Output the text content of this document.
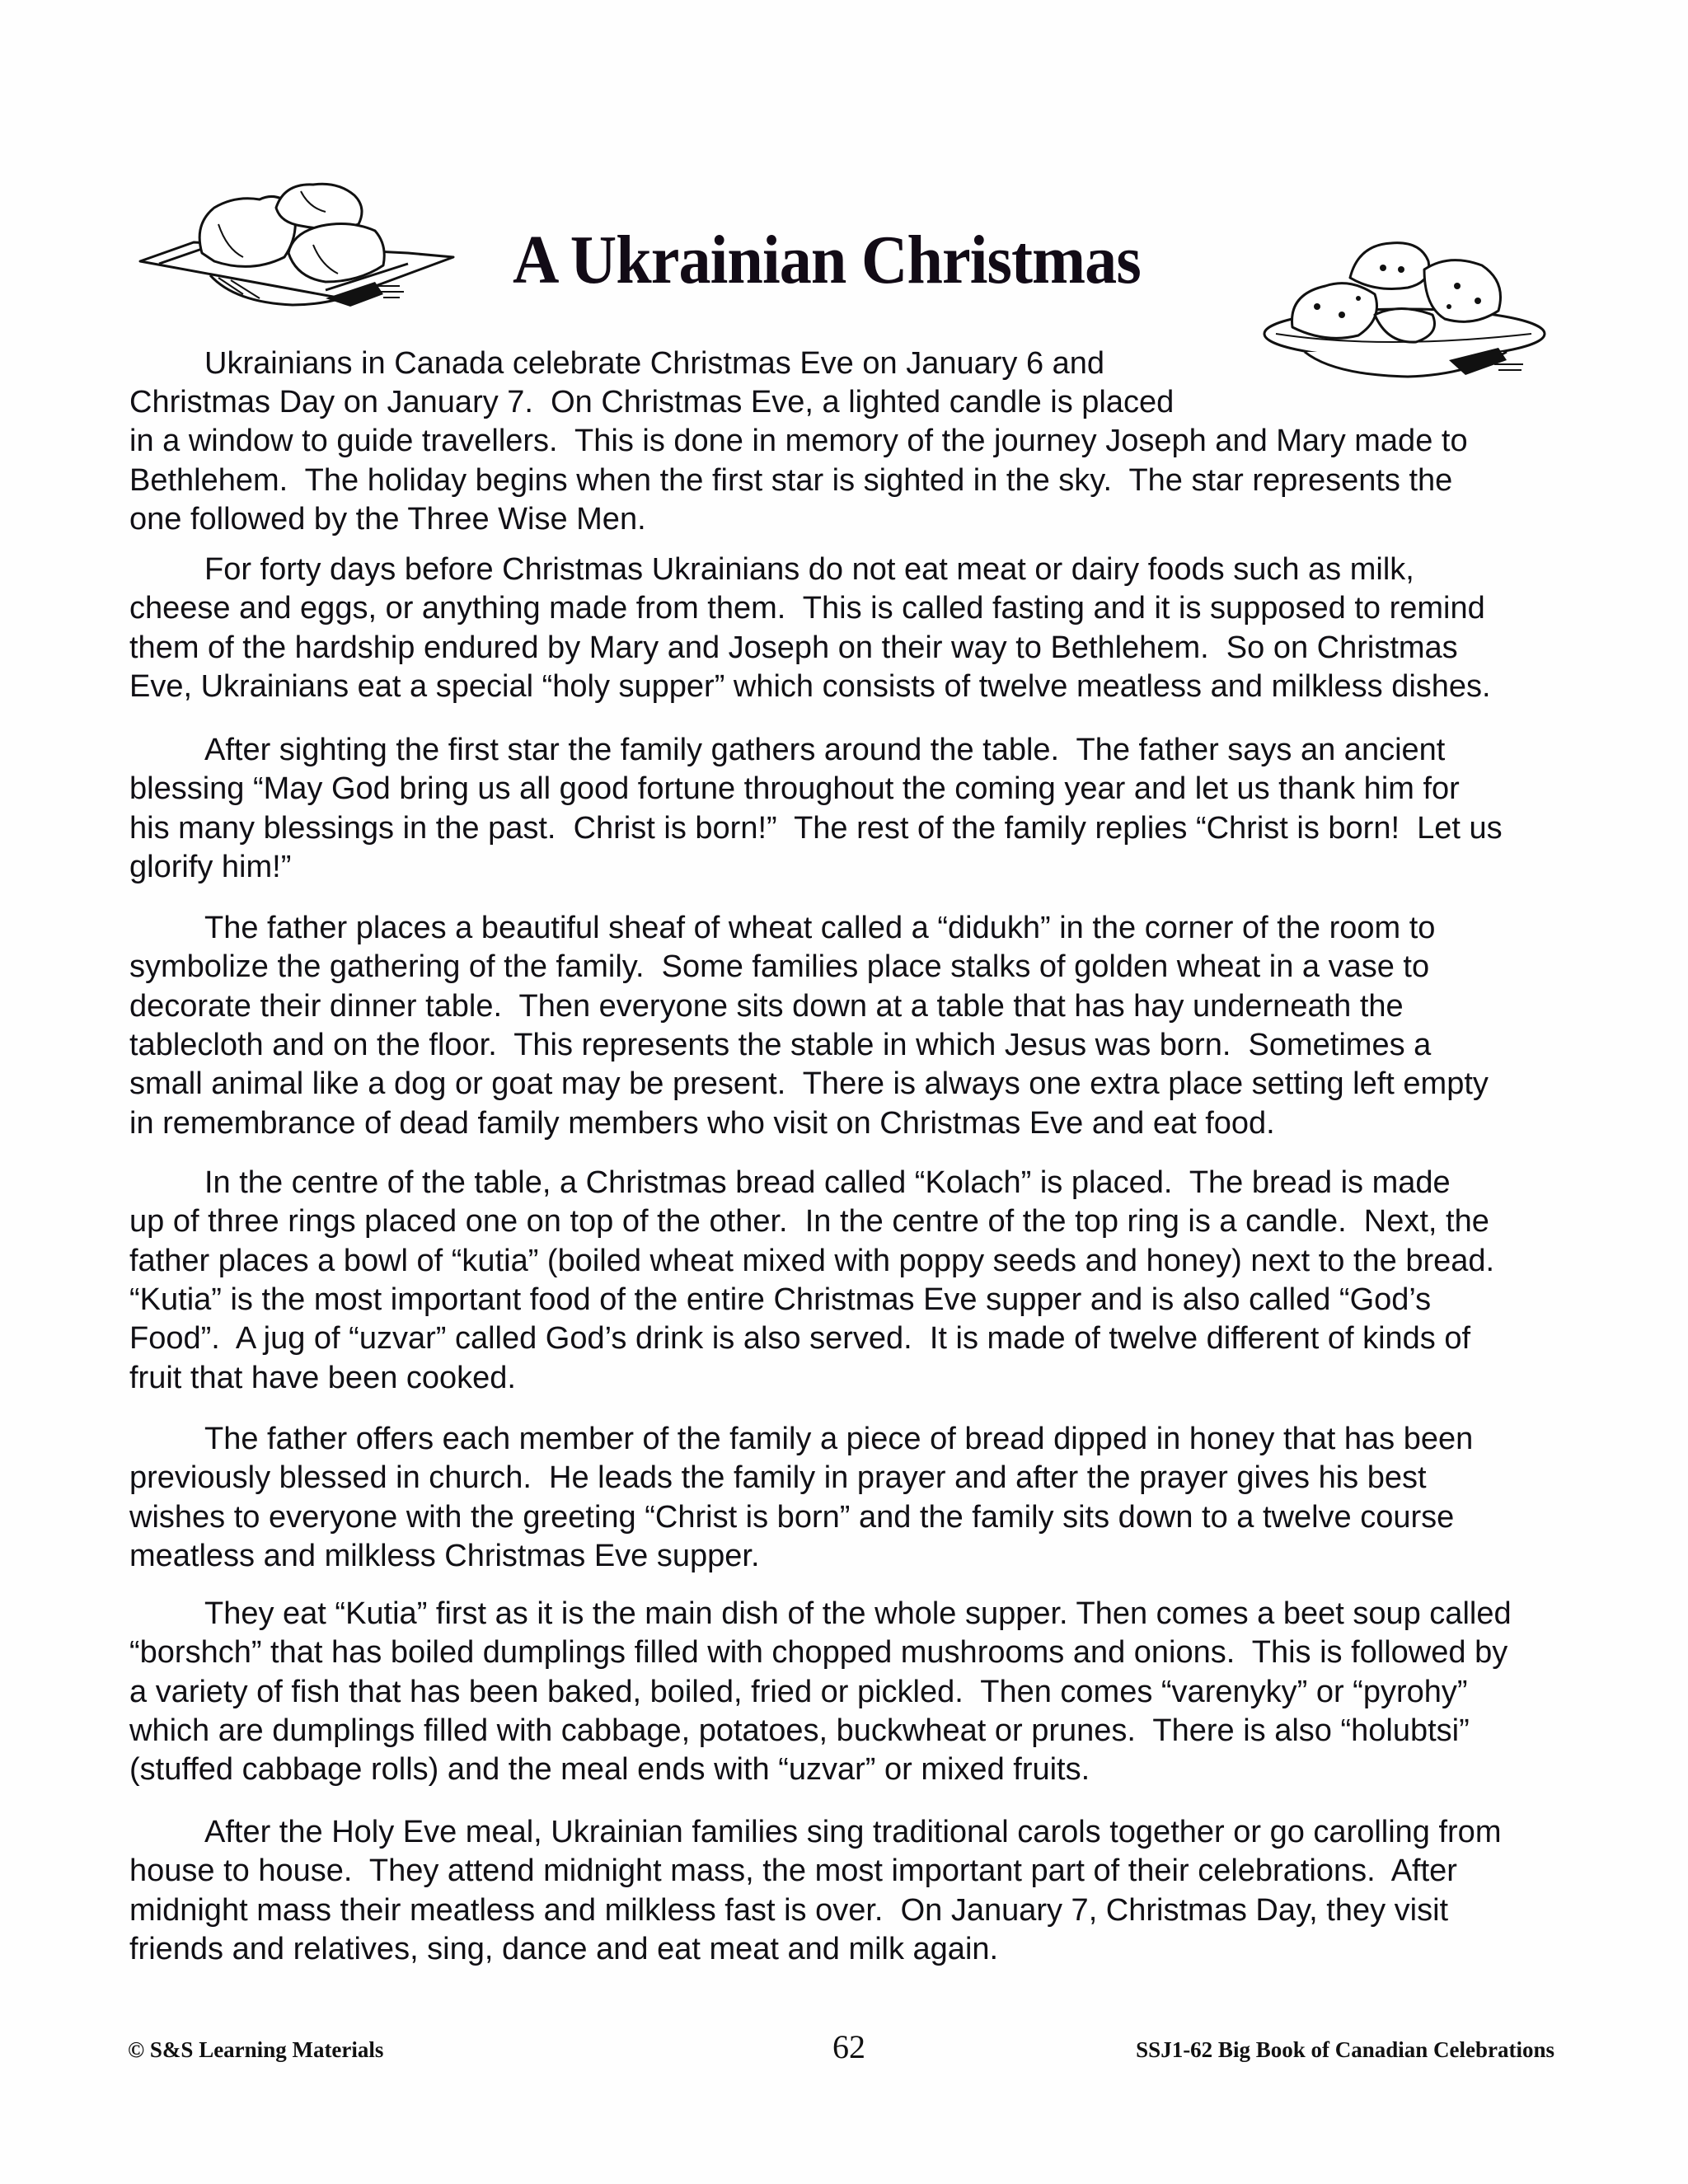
A Ukrainian Christmas
Ukrainians in Canada celebrate Christmas Eve on January 6 and
Christmas Day on January 7.  On Christmas Eve, a lighted candle is placed
in a window to guide travellers.  This is done in memory of the journey Joseph and Mary made to
Bethlehem.  The holiday begins when the first star is sighted in the sky.  The star represents the
one followed by the Three Wise Men.
For forty days before Christmas Ukrainians do not eat meat or dairy foods such as milk,
cheese and eggs, or anything made from them.  This is called fasting and it is supposed to remind
them of the hardship endured by Mary and Joseph on their way to Bethlehem.  So on Christmas
Eve, Ukrainians eat a special “holy supper” which consists of twelve meatless and milkless dishes.
After sighting the first star the family gathers around the table.  The father says an ancient
blessing “May God bring us all good fortune throughout the coming year and let us thank him for
his many blessings in the past.  Christ is born!”  The rest of the family replies “Christ is born!  Let us
glorify him!”
The father places a beautiful sheaf of wheat called a “didukh” in the corner of the room to
symbolize the gathering of the family.  Some families place stalks of golden wheat in a vase to
decorate their dinner table.  Then everyone sits down at a table that has hay underneath the
tablecloth and on the floor.  This represents the stable in which Jesus was born.  Sometimes a
small animal like a dog or goat may be present.  There is always one extra place setting left empty
in remembrance of dead family members who visit on Christmas Eve and eat food.
In the centre of the table, a Christmas bread called “Kolach” is placed.  The bread is made
up of three rings placed one on top of the other.  In the centre of the top ring is a candle.  Next, the
father places a bowl of “kutia” (boiled wheat mixed with poppy seeds and honey) next to the bread.
“Kutia” is the most important food of the entire Christmas Eve supper and is also called “God’s
Food”.  A jug of “uzvar” called God’s drink is also served.  It is made of twelve different of kinds of
fruit that have been cooked.
The father offers each member of the family a piece of bread dipped in honey that has been
previously blessed in church.  He leads the family in prayer and after the prayer gives his best
wishes to everyone with the greeting “Christ is born” and the family sits down to a twelve course
meatless and milkless Christmas Eve supper.
They eat “Kutia” first as it is the main dish of the whole supper. Then comes a beet soup called
“borshch” that has boiled dumplings filled with chopped mushrooms and onions.  This is followed by
a variety of fish that has been baked, boiled, fried or pickled.  Then comes “varenyky” or “pyrohy”
which are dumplings filled with cabbage, potatoes, buckwheat or prunes.  There is also “holubtsi”
(stuffed cabbage rolls) and the meal ends with “uzvar” or mixed fruits.
After the Holy Eve meal, Ukrainian families sing traditional carols together or go carolling from
house to house.  They attend midnight mass, the most important part of their celebrations.  After
midnight mass their meatless and milkless fast is over.  On January 7, Christmas Day, they visit
friends and relatives, sing, dance and eat meat and milk again.
© S&S Learning Materials	62	SSJ1-62 Big Book of Canadian Celebrations
